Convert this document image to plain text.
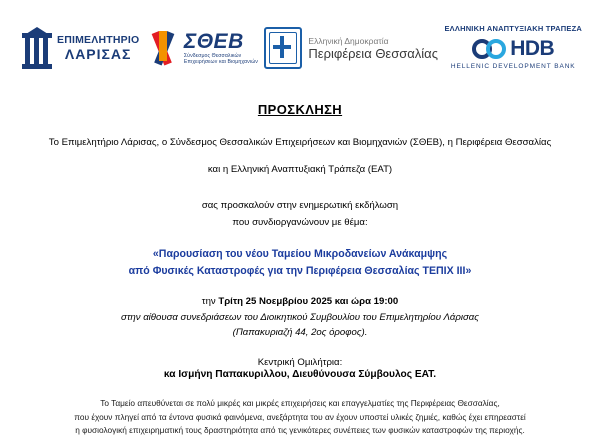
ΕΠΙΜΕΛΗΤΗΡΙΟ
ΛΑΡΙΣΑΣ
ΣΘΕΒ
Σύνδεσμος Θεσσαλικών
Επιχειρήσεων και Βιομηχανιών
Ελληνική Δημοκρατία
Περιφέρεια Θεσσαλίας
ΕΛΛΗΝΙΚΗ ΑΝΑΠΤΥΞΙΑΚΗ ΤΡΑΠΕΖΑ
HDB
HELLENIC DEVELOPMENT BANK
ΠΡΟΣΚΛΗΣΗ
Το Επιμελητήριο Λάρισας, ο Σύνδεσμος Θεσσαλικών Επιχειρήσεων και Βιομηχανιών (ΣΘΕΒ), η Περιφέρεια Θεσσαλίας
και η Ελληνική Αναπτυξιακή Τράπεζα (ΕΑΤ)
σας προσκαλούν στην ενημερωτική εκδήλωση
που συνδιοργανώνουν με θέμα:
«Παρουσίαση του νέου Ταμείου Μικροδανείων Ανάκαμψης
από Φυσικές Καταστροφές για την Περιφέρεια Θεσσαλίας ΤΕΠΙΧ ΙΙΙ»
την Τρίτη 25 Νοεμβρίου 2025 και ώρα 19:00
στην αίθουσα συνεδριάσεων του Διοικητικού Συμβουλίου του Επιμελητηρίου Λάρισας
(Παπακυριαζή 44, 2ος όροφος).
Κεντρική Ομιλήτρια:
κα Ισμήνη Παπακυριλλου, Διευθύνουσα Σύμβουλος ΕΑΤ.
Το Ταμείο απευθύνεται σε πολύ μικρές και μικρές επιχειρήσεις και επαγγελματίες της Περιφέρειας Θεσσαλίας,
που έχουν πληγεί από τα έντονα φυσικά φαινόμενα, ανεξάρτητα του αν έχουν υποστεί υλικές ζημιές, καθώς έχει επηρεαστεί
η φυσιολογική επιχειρηματική τους δραστηριότητα από τις γενικότερες συνέπειες των φυσικών καταστροφών της περιοχής.
